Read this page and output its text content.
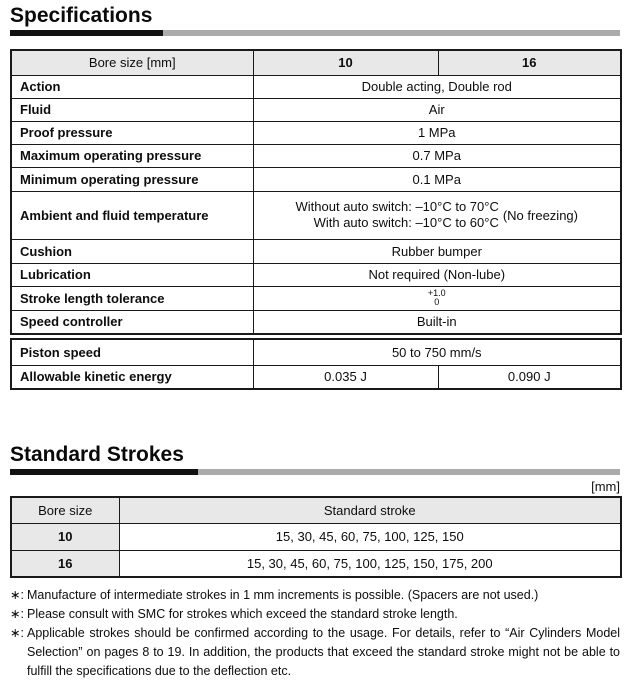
Specifications
Bore size [mm]	10	16
Action	Double acting, Double rod	
Fluid	Air	
Proof pressure	1 MPa	
Maximum operating pressure	0.7 MPa	
Minimum operating pressure	0.1 MPa	
Ambient and fluid temperature	Without auto switch: –10°C to 70°C
With auto switch: –10°C to 60°C (No freezing)	

Cushion	Rubber bumper	
Lubrication	Not required (Non-lube)	
Stroke length tolerance	+1.0
0	

Speed controller	Built-in	
Piston speed	50 to 750 mm/s	
Allowable kinetic energy	0.035 J	0.090 J
Standard Strokes
[mm]
Bore size	Standard stroke
10	15, 30, 45, 60, 75, 100, 125, 150
16	15, 30, 45, 60, 75, 100, 125, 150, 175, 200
∗: Manufacture of intermediate strokes in 1 mm increments is possible. (Spacers are not used.)
∗: Please consult with SMC for strokes which exceed the standard stroke length.
∗: Applicable strokes should be confirmed according to the usage. For details, refer to “Air Cylinders Model Selection” on pages 8 to 19. In addition, the products that exceed the standard stroke might not be able to fulfill the specifications due to the deflection etc.
